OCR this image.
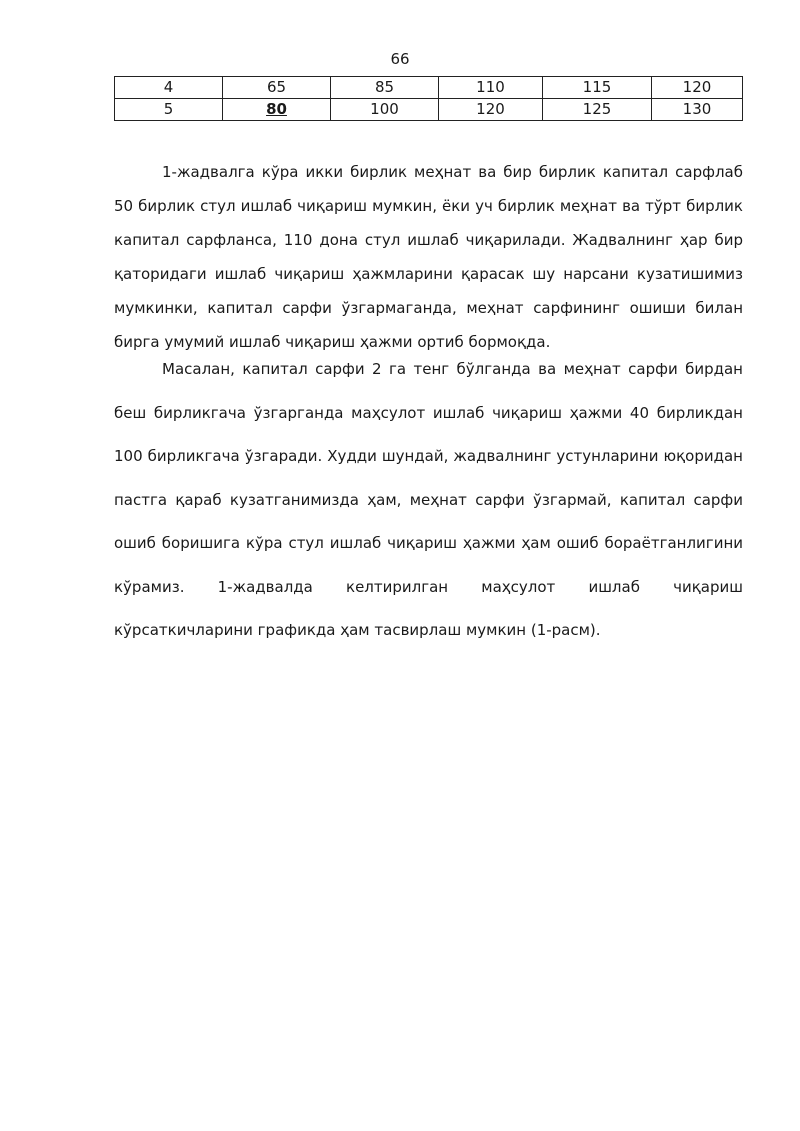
66
4	65	85	110	115	120
5	80	100	120	125	130

1-жадвалга кўра икки бирлик меҳнат ва бир бирлик капитал сарфлаб 50 бирлик стул ишлаб чиқариш мумкин, ёки уч бирлик меҳнат ва тўрт бирлик капитал сарфланса, 110 дона стул ишлаб чиқарилади. Жадвалнинг ҳар бир қаторидаги ишлаб чиқариш ҳажмларини қарасак шу нарсани кузатишимиз мумкинки, капитал сарфи ўзгармаганда, меҳнат сарфининг ошиши билан бирга умумий ишлаб чиқариш ҳажми ортиб бормоқда.

Масалан, капитал сарфи 2 га тенг бўлганда ва меҳнат сарфи бирдан беш бирликгача ўзгарганда маҳсулот ишлаб чиқариш ҳажми 40 бирликдан 100 бирликгача ўзгаради. Худди шундай, жадвалнинг устунларини юқоридан пастга қараб кузатганимизда ҳам, меҳнат сарфи ўзгармай, капитал сарфи ошиб боришига кўра стул ишлаб чиқариш ҳажми ҳам ошиб бораётганлигини кўрамиз. 1-жадвалда келтирилган маҳсулот ишлаб чиқариш кўрсаткичларини графикда ҳам тасвирлаш мумкин (1-расм).
